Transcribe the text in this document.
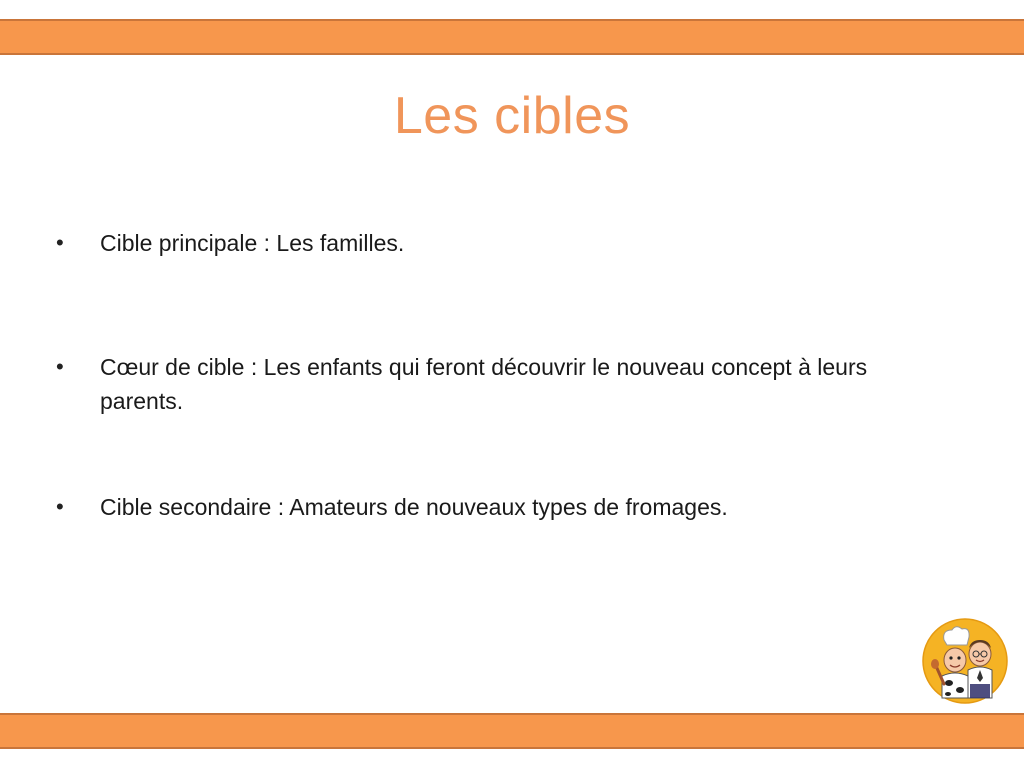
Les cibles
•	Cible principale : Les familles.
•	Cœur de cible : Les enfants qui feront découvrir le nouveau concept à leurs parents.
•	Cible secondaire : Amateurs de nouveaux types de fromages.
